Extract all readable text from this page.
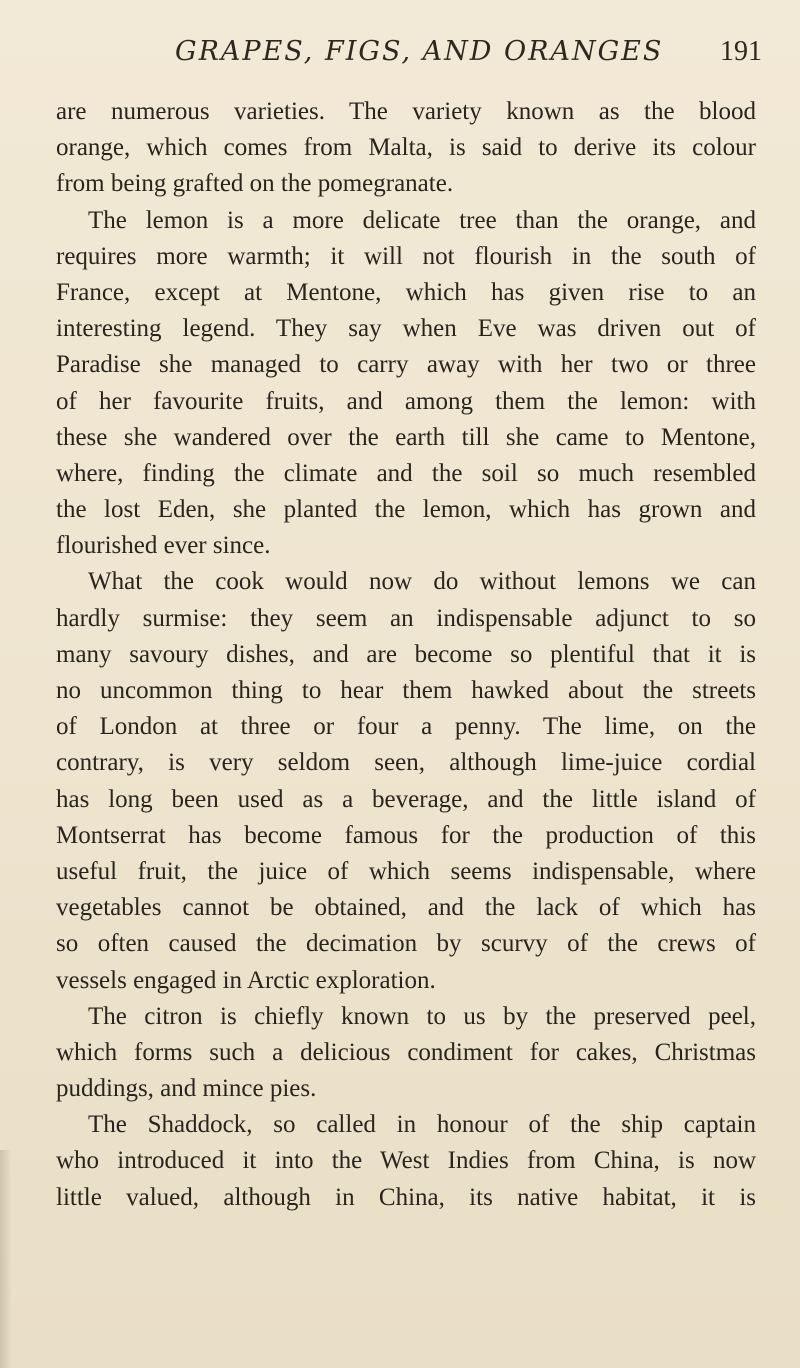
GRAPES, FIGS, AND ORANGES 191
are numerous varieties. The variety known as the blood
orange, which comes from Malta, is said to derive its colour
from being grafted on the pomegranate.
The lemon is a more delicate tree than the orange, and
requires more warmth; it will not flourish in the south of
France, except at Mentone, which has given rise to an
interesting legend. They say when Eve was driven out of
Paradise she managed to carry away with her two or three
of her favourite fruits, and among them the lemon: with
these she wandered over the earth till she came to Mentone,
where, finding the climate and the soil so much resembled
the lost Eden, she planted the lemon, which has grown and
flourished ever since.
What the cook would now do without lemons we can
hardly surmise: they seem an indispensable adjunct to so
many savoury dishes, and are become so plentiful that it is
no uncommon thing to hear them hawked about the streets
of London at three or four a penny. The lime, on the
contrary, is very seldom seen, although lime-juice cordial
has long been used as a beverage, and the little island of
Montserrat has become famous for the production of this
useful fruit, the juice of which seems indispensable, where
vegetables cannot be obtained, and the lack of which has
so often caused the decimation by scurvy of the crews of
vessels engaged in Arctic exploration.
The citron is chiefly known to us by the preserved peel,
which forms such a delicious condiment for cakes, Christmas
puddings, and mince pies.
The Shaddock, so called in honour of the ship captain
who introduced it into the West Indies from China, is now
little valued, although in China, its native habitat, it is
